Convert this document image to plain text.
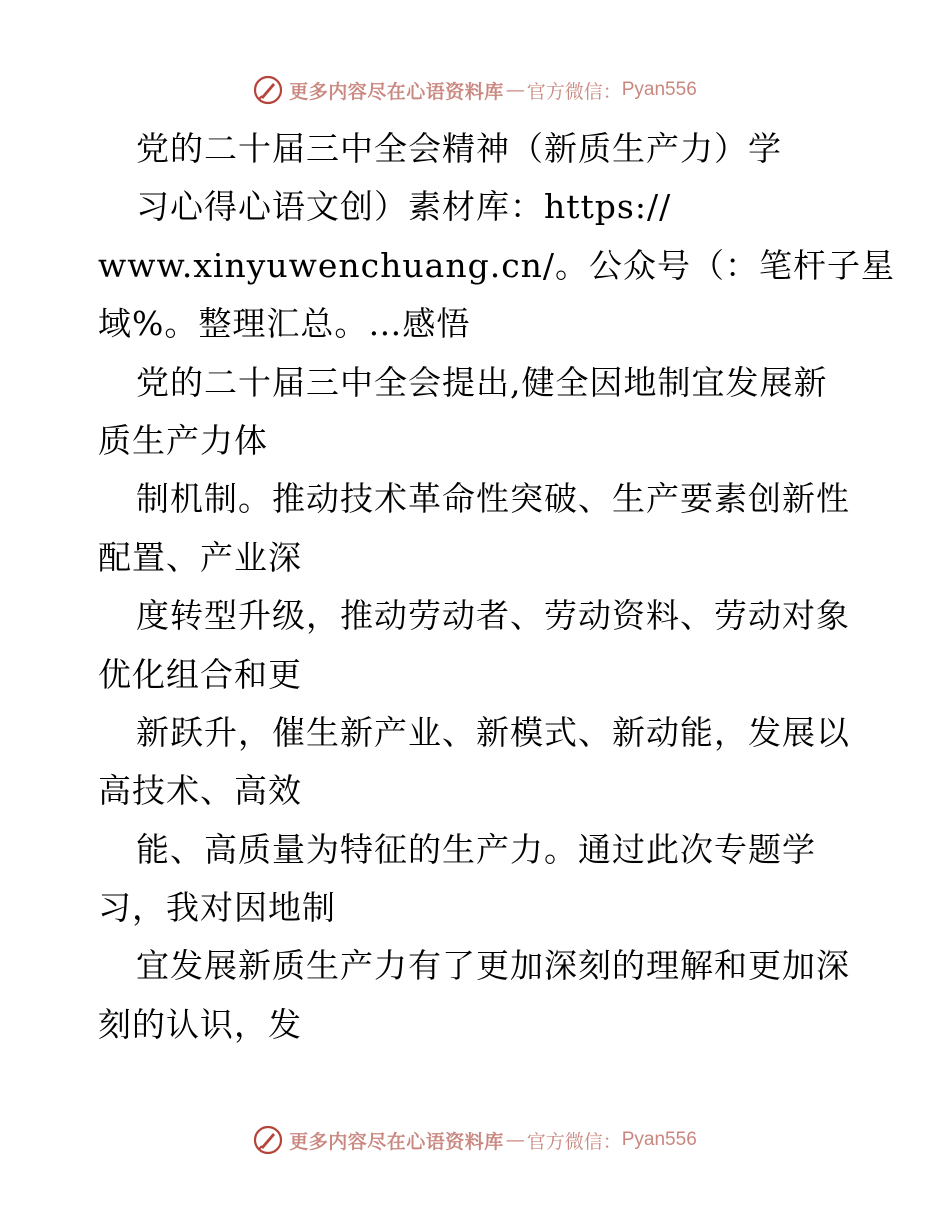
更多内容尽在心语资料库 — 官方微信： Pyan556
党的二十届三中全会精神（新质生产力）学
习心得心语文创）素材库：https://
www.xinyuwenchuang.cn/。公众号（：笔杆子星
域%。整理汇总。…感悟
党的二十届三中全会提出,健全因地制宜发展新
质生产力体
制机制。推动技术革命性突破、生产要素创新性
配置、产业深
度转型升级，推动劳动者、劳动资料、劳动对象
优化组合和更
新跃升，催生新产业、新模式、新动能，发展以
高技术、高效
能、高质量为特征的生产力。通过此次专题学
习，我对因地制
宜发展新质生产力有了更加深刻的理解和更加深
刻的认识，发
更多内容尽在心语资料库 — 官方微信： Pyan556
